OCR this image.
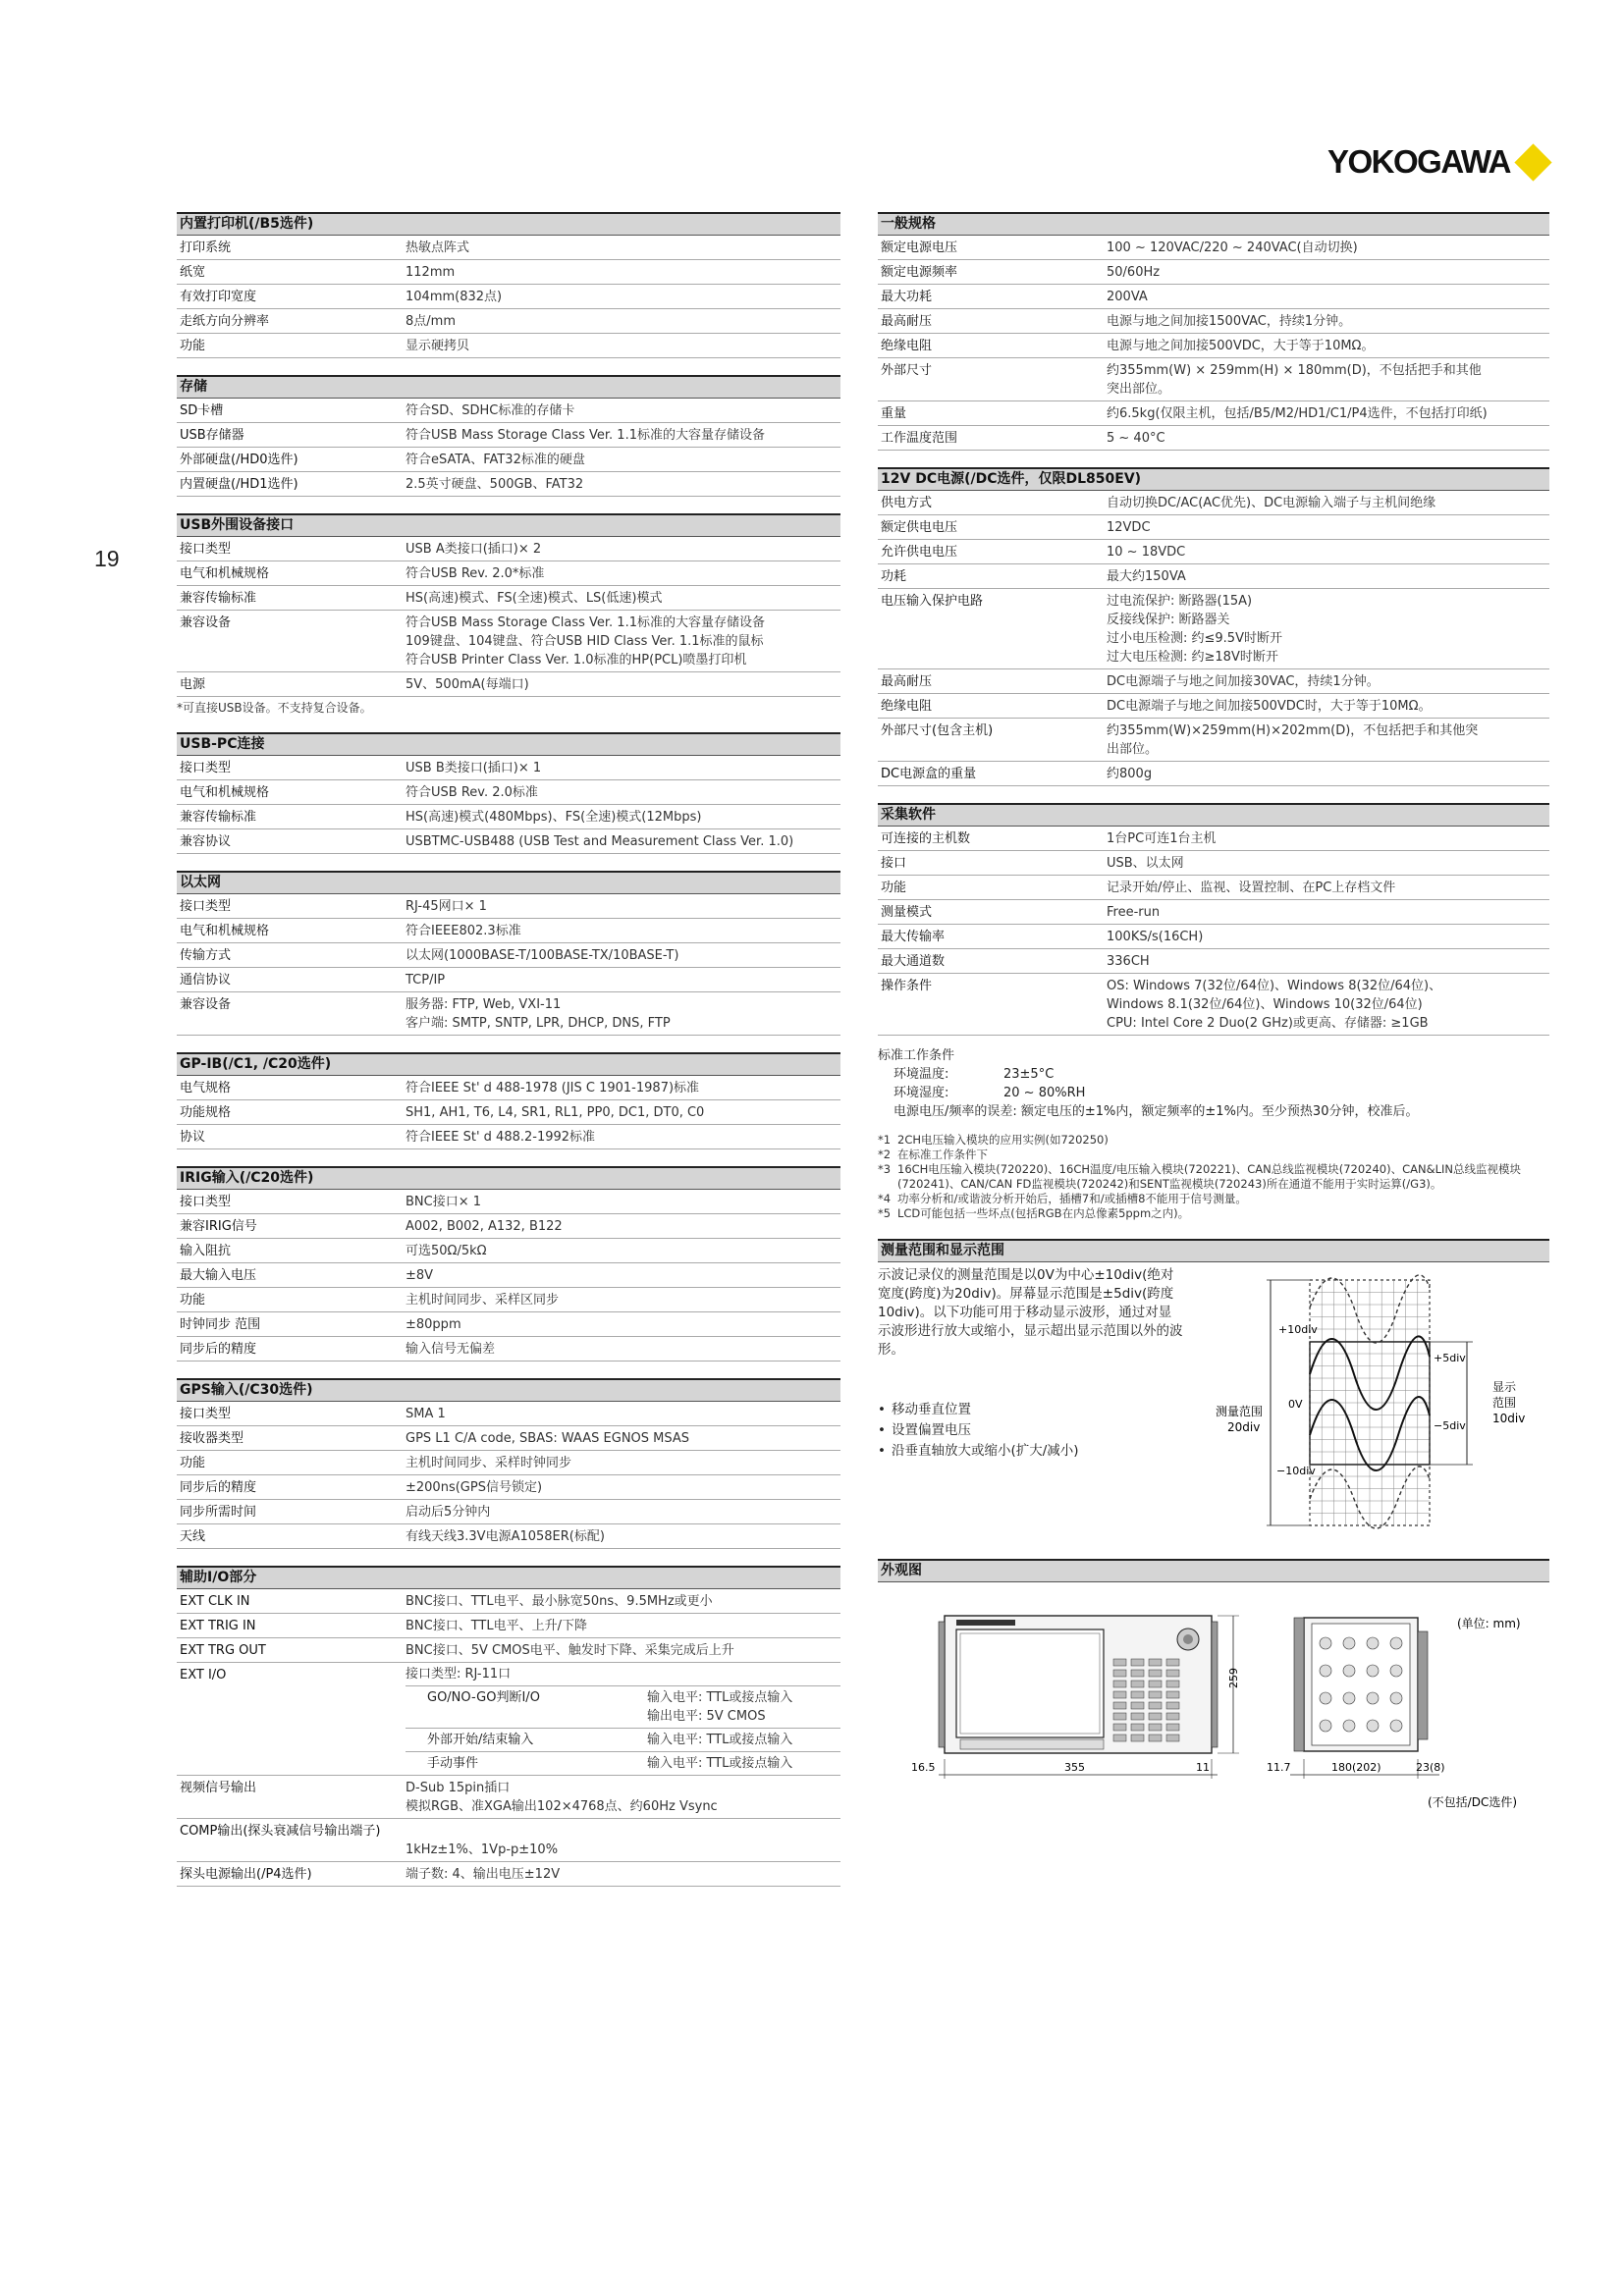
YOKOGAWA
19
内置打印机(/B5选件)
打印系统	热敏点阵式
纸宽	112mm
有效打印宽度	104mm(832点)
走纸方向分辨率	8点/mm
功能	显示硬拷贝
存储
SD卡槽	符合SD、SDHC标准的存储卡
USB存储器	符合USB Mass Storage Class Ver. 1.1标准的大容量存储设备
外部硬盘(/HD0选件)	符合eSATA、FAT32标准的硬盘
内置硬盘(/HD1选件)	2.5英寸硬盘、500GB、FAT32
USB外围设备接口
接口类型	USB A类接口(插口)× 2
电气和机械规格	符合USB Rev. 2.0*标准
兼容传输标准	HS(高速)模式、FS(全速)模式、LS(低速)模式
兼容设备	符合USB Mass Storage Class Ver. 1.1标准的大容量存储设备
109键盘、104键盘、符合USB HID Class Ver. 1.1标准的鼠标
符合USB Printer Class Ver. 1.0标准的HP(PCL)喷墨打印机
电源	5V、500mA(每端口)
*可直接USB设备。不支持复合设备。
USB-PC连接
接口类型	USB B类接口(插口)× 1
电气和机械规格	符合USB Rev. 2.0标准
兼容传输标准	HS(高速)模式(480Mbps)、FS(全速)模式(12Mbps)
兼容协议	USBTMC-USB488 (USB Test and Measurement Class Ver. 1.0)
以太网
接口类型	RJ-45网口× 1
电气和机械规格	符合IEEE802.3标准
传输方式	以太网(1000BASE-T/100BASE-TX/10BASE-T)
通信协议	TCP/IP
兼容设备	服务器: FTP, Web, VXI-11
客户端: SMTP, SNTP, LPR, DHCP, DNS, FTP
GP-IB(/C1, /C20选件)
电气规格	符合IEEE St' d 488-1978 (JIS C 1901-1987)标准
功能规格	SH1, AH1, T6, L4, SR1, RL1, PP0, DC1, DT0, C0
协议	符合IEEE St' d 488.2-1992标准
IRIG输入(/C20选件)
接口类型	BNC接口× 1
兼容IRIG信号	A002, B002, A132, B122
输入阻抗	可选50Ω/5kΩ
最大输入电压	±8V
功能	主机时间同步、采样区同步
时钟同步 范围	±80ppm
同步后的精度	输入信号无偏差
GPS输入(/C30选件)
接口类型	SMA 1
接收器类型	GPS L1 C/A code, SBAS: WAAS EGNOS MSAS
功能	主机时间同步、采样时钟同步
同步后的精度	±200ns(GPS信号锁定)
同步所需时间	启动后5分钟内
天线	有线天线3.3V电源A1058ER(标配)
辅助I/O部分
EXT CLK IN	BNC接口、TTL电平、最小脉宽50ns、9.5MHz或更小
EXT TRIG IN	BNC接口、TTL电平、上升/下降
EXT TRG OUT	BNC接口、5V CMOS电平、触发时下降、采集完成后上升
EXT I/O	接口类型: RJ-11口
GO/NO-GO判断I/O	输入电平: TTL或接点输入
输出电平: 5V CMOS
外部开始/结束输入	输入电平: TTL或接点输入
手动事件	输入电平: TTL或接点输入
视频信号输出	D-Sub 15pin插口
模拟RGB、准XGA输出102×4768点、约60Hz Vsync
COMP输出(探头衰减信号输出端子)
1kHz±1%、1Vp-p±10%
探头电源输出(/P4选件)	端子数: 4、输出电压±12V
一般规格
额定电源电压	100 ~ 120VAC/220 ~ 240VAC(自动切换)
额定电源频率	50/60Hz
最大功耗	200VA
最高耐压	电源与地之间加接1500VAC，持续1分钟。
绝缘电阻	电源与地之间加接500VDC，大于等于10MΩ。
外部尺寸	约355mm(W) × 259mm(H) × 180mm(D)，不包括把手和其他
突出部位。
重量	约6.5kg(仅限主机，包括/B5/M2/HD1/C1/P4选件，不包括打印纸)
工作温度范围	5 ~ 40°C
12V DC电源(/DC选件，仅限DL850EV)
供电方式	自动切换DC/AC(AC优先)、DC电源输入端子与主机间绝缘
额定供电电压	12VDC
允许供电电压	10 ~ 18VDC
功耗	最大约150VA
电压输入保护电路	过电流保护: 断路器(15A)
反接线保护: 断路器关
过小电压检测: 约≤9.5V时断开
过大电压检测: 约≥18V时断开
最高耐压	DC电源端子与地之间加接30VAC，持续1分钟。
绝缘电阻	DC电源端子与地之间加接500VDC时，大于等于10MΩ。
外部尺寸(包含主机)	约355mm(W)×259mm(H)×202mm(D)，不包括把手和其他突
出部位。
DC电源盒的重量	约800g
采集软件
可连接的主机数	1台PC可连1台主机
接口	USB、以太网
功能	记录开始/停止、监视、设置控制、在PC上存档文件
测量模式	Free-run
最大传输率	100KS/s(16CH)
最大通道数	336CH
操作条件	OS: Windows 7(32位/64位)、Windows 8(32位/64位)、
Windows 8.1(32位/64位)、Windows 10(32位/64位)
CPU: Intel Core 2 Duo(2 GHz)或更高、存储器: ≥1GB
标准工作条件
环境温度:	23±5°C
环境湿度:	20 ~ 80%RH
电源电压/频率的误差: 额定电压的±1%内，额定频率的±1%内。至少预热30分钟，校准后。
*1 2CH电压输入模块的应用实例(如720250)
*2 在标准工作条件下
*3 16CH电压输入模块(720220)、16CH温度/电压输入模块(720221)、CAN总线监视模块(720240)、CAN&LIN总线监视模块(720241)、CAN/CAN FD监视模块(720242)和SENT监视模块(720243)所在通道不能用于实时运算(/G3)。
*4 功率分析和/或谐波分析开始后，插槽7和/或插槽8不能用于信号测量。
*5 LCD可能包括一些坏点(包括RGB在内总像素5ppm之内)。
测量范围和显示范围
示波记录仪的测量范围是以0V为中心±10div(绝对宽度(跨度)为20div)。屏幕显示范围是±5div(跨度10div)。以下功能可用于移动显示波形，通过对显示波形进行放大或缩小，显示超出显示范围以外的波形。
• 移动垂直位置
• 设置偏置电压
• 沿垂直轴放大或缩小(扩大/减小)
+10div
0V
−10div
+5div
−5div
测量范围
20div
显示
范围
10div
外观图
355
16.5	11
259
180(202)
11.7	23(8)
(单位: mm)
(不包括/DC选件)
